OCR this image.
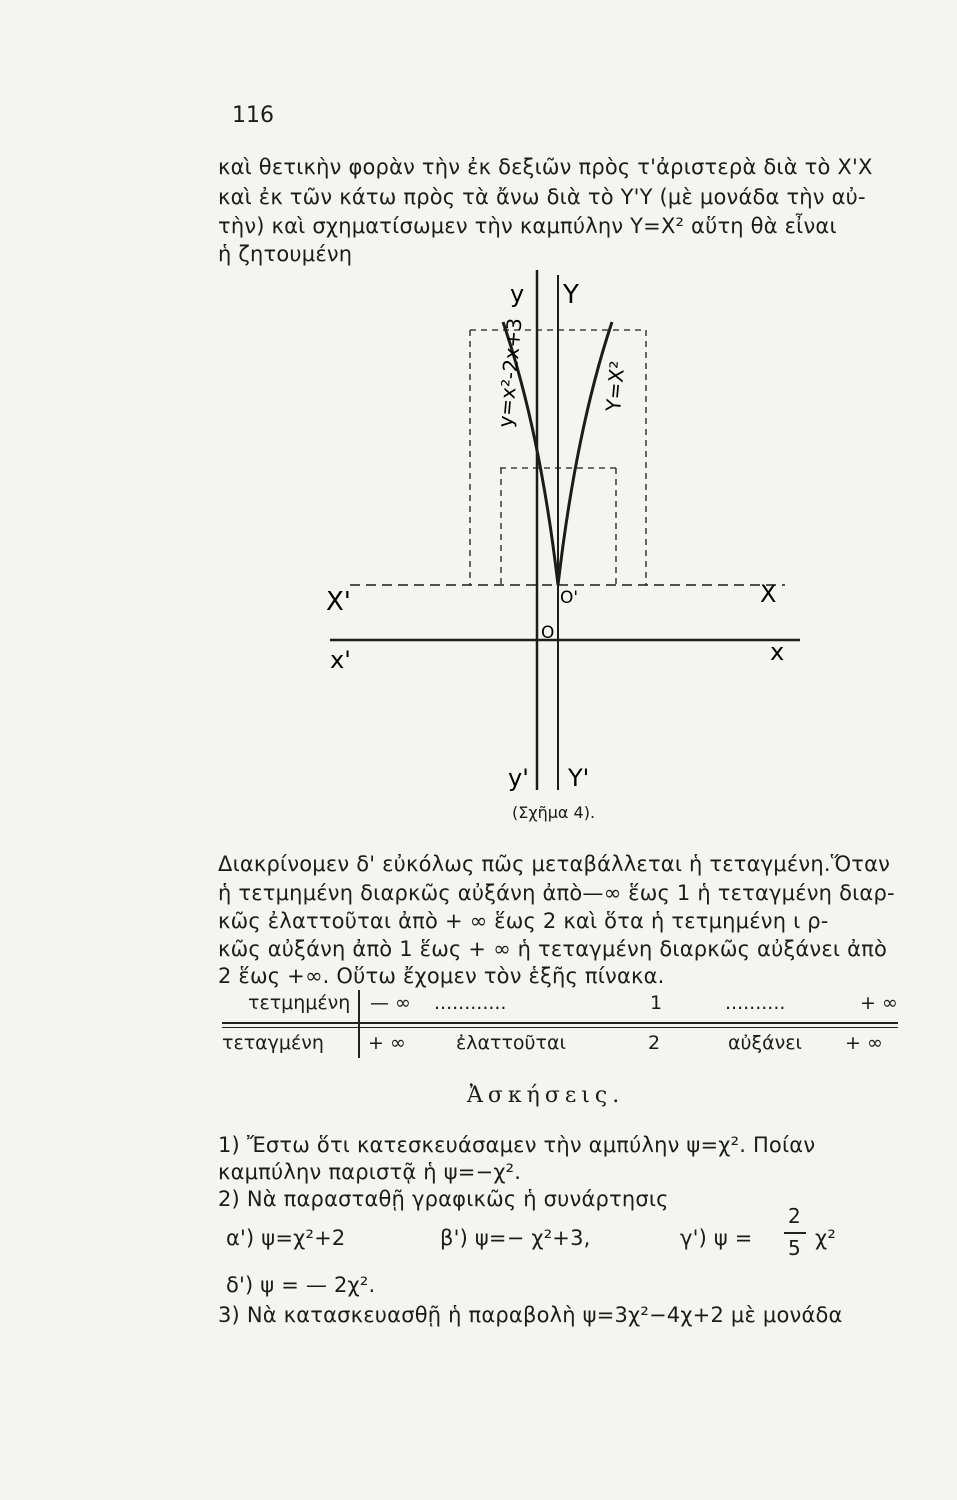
116
καὶ θετικὴν φορὰν τὴν ἐκ δεξιῶν πρὸς τ'ἀριστερὰ διὰ τὸ Χ'Χ
καὶ ἐκ τῶν κάτω πρὸς τὰ ἄνω διὰ τὸ Υ'Υ (μὲ μονάδα τὴν αὐ-
τὴν) καὶ σχηματίσωμεν τὴν καμπύλην Υ=Χ² αὕτη θὰ εἶναι
ἡ ζητουμένη
y Y
y' Y'
x'	x
X'	X
O'
O
y=x²-2x+3	Y=X²
(Σχῆμα 4).
Διακρίνομεν δ' εὐκόλως πῶς μεταβάλλεται ἡ τεταγμένη.Ὅταν
ἡ τετμημένη διαρκῶς αὐξάνη ἀπὸ—∞ ἕως 1 ἡ τεταγμένη διαρ-
κῶς ἐλαττοῦται ἀπὸ + ∞ ἕως 2 καὶ ὅτα ἡ τετμημένη ι ρ-
κῶς αὐξάνη ἀπὸ 1 ἕως + ∞ ἡ τεταγμένη διαρκῶς αὐξάνει ἀπὸ
2 ἕως +∞. Οὕτω ἔχομεν τὸν ἑξῆς πίνακα.
τετμημένη — ∞ ............	1	..........	+ ∞
τεταγμένη + ∞	ἐλαττοῦται	2	αὐξάνει + ∞
Ἀσκήσεις.
1) Ἔστω ὅτι κατεσκευάσαμεν τὴν αμπύλην ψ=χ². Ποίαν
καμπύλην παριστᾷ ἡ ψ=−χ².
2) Νὰ παρασταθῇ γραφικῶς ἡ συνάρτησις
α') ψ=χ²+2	β') ψ=− χ²+3,	γ') ψ =
2
5 χ²
δ') ψ = — 2χ².
3) Νὰ κατασκευασθῇ ἡ παραβολὴ ψ=3χ²−4χ+2 μὲ μονάδα
